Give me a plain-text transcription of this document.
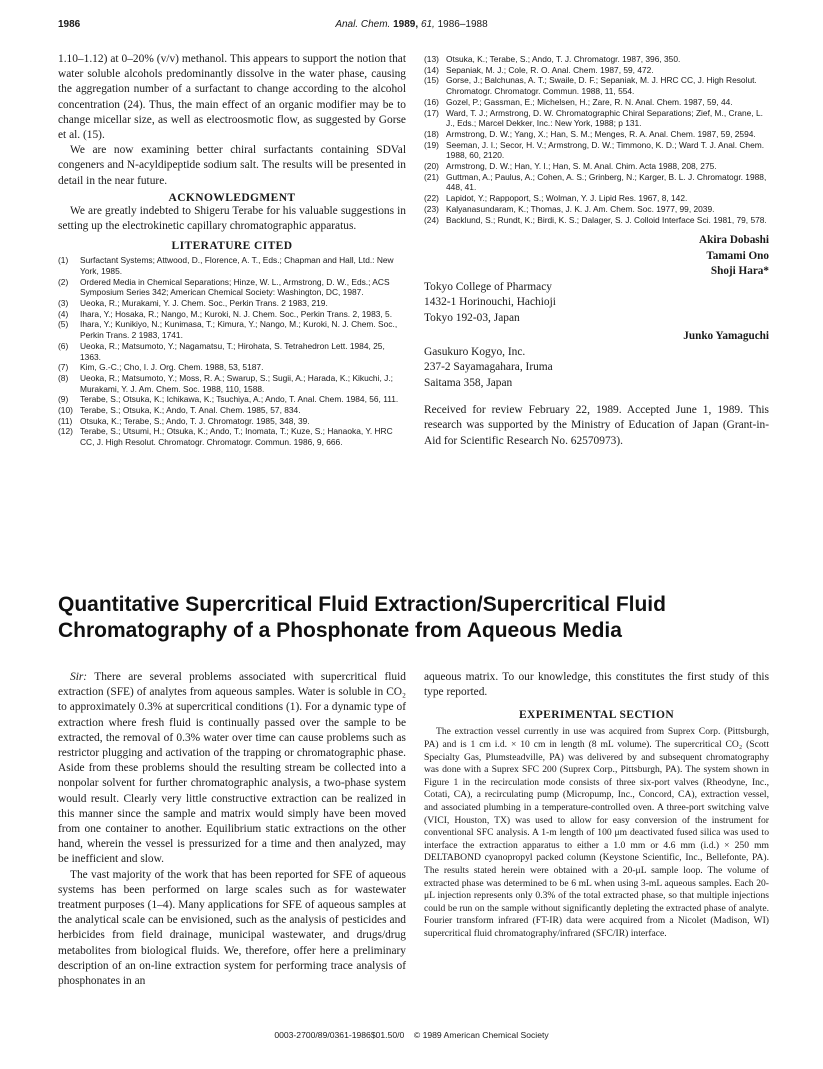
1986	Anal. Chem. 1989, 61, 1986–1988

1.10–1.12) at 0–20% (v/v) methanol. This appears to support the notion that water soluble alcohols predominantly dissolve in the water phase, causing the aggregation number of a surfactant to change according to the alcohol concentration (24). Thus, the main effect of an organic modifier may be to change micellar size, as well as electroosmotic flow, as suggested by Gorse et al. (15).

We are now examining better chiral surfactants containing SDVal congeners and N-acyldipeptide sodium salt. The results will be presented in detail in the near future.

ACKNOWLEDGMENT

We are greatly indebted to Shigeru Terabe for his valuable suggestions in setting up the electrokinetic capillary chromatographic apparatus.

LITERATURE CITED

(1)	Surfactant Systems; Attwood, D., Florence, A. T., Eds.; Chapman and Hall, Ltd.: New York, 1985.
(2)	Ordered Media in Chemical Separations; Hinze, W. L., Armstrong, D. W., Eds.; ACS Symposium Series 342; American Chemical Society: Washington, DC, 1987.
(3)	Ueoka, R.; Murakami, Y. J. Chem. Soc., Perkin Trans. 2 1983, 219.
(4)	Ihara, Y.; Hosaka, R.; Nango, M.; Kuroki, N. J. Chem. Soc., Perkin Trans. 2, 1983, 5.
(5)	Ihara, Y.; Kunikiyo, N.; Kunimasa, T.; Kimura, Y.; Nango, M.; Kuroki, N. J. Chem. Soc., Perkin Trans. 2 1983, 1741.
(6)	Ueoka, R.; Matsumoto, Y.; Nagamatsu, T.; Hirohata, S. Tetrahedron Lett. 1984, 25, 1363.
(7)	Kim, G.-C.; Cho, I. J. Org. Chem. 1988, 53, 5187.
(8)	Ueoka, R.; Matsumoto, Y.; Moss, R. A.; Swarup, S.; Sugii, A.; Harada, K.; Kikuchi, J.; Murakami, Y. J. Am. Chem. Soc. 1988, 110, 1588.
(9)	Terabe, S.; Otsuka, K.; Ichikawa, K.; Tsuchiya, A.; Ando, T. Anal. Chem. 1984, 56, 111.
(10) Terabe, S.; Otsuka, K.; Ando, T. Anal. Chem. 1985, 57, 834.
(11) Otsuka, K.; Terabe, S.; Ando, T. J. Chromatogr. 1985, 348, 39.
(12) Terabe, S.; Utsumi, H.; Otsuka, K.; Ando, T.; Inomata, T.; Kuze, S.; Hanaoka, Y. HRC CC, J. High Resolut. Chromatogr. Chromatogr. Commun. 1986, 9, 666.
(13) Otsuka, K.; Terabe, S.; Ando, T. J. Chromatogr. 1987, 396, 350.
(14) Sepaniak, M. J.; Cole, R. O. Anal. Chem. 1987, 59, 472.
(15) Gorse, J.; Balchunas, A. T.; Swaile, D. F.; Sepaniak, M. J. HRC CC, J. High Resolut. Chromatogr. Chromatogr. Commun. 1988, 11, 554.
(16) Gozel, P.; Gassman, E.; Michelsen, H.; Zare, R. N. Anal. Chem. 1987, 59, 44.
(17) Ward, T. J.; Armstrong, D. W. Chromatographic Chiral Separations; Zief, M., Crane, L. J., Eds.; Marcel Dekker, Inc.: New York, 1988; p 131.
(18) Armstrong, D. W.; Yang, X.; Han, S. M.; Menges, R. A. Anal. Chem. 1987, 59, 2594.
(19) Seeman, J. I.; Secor, H. V.; Armstrong, D. W.; Timmono, K. D.; Ward T. J. Anal. Chem. 1988, 60, 2120.
(20) Armstrong, D. W.; Han, Y. I.; Han, S. M. Anal. Chim. Acta 1988, 208, 275.
(21) Guttman, A.; Paulus, A.; Cohen, A. S.; Grinberg, N.; Karger, B. L. J. Chromatogr. 1988, 448, 41.
(22) Lapidot, Y.; Rappoport, S.; Wolman, Y. J. Lipid Res. 1967, 8, 142.
(23) Kalyanasundaram, K.; Thomas, J. K. J. Am. Chem. Soc. 1977, 99, 2039.
(24) Backlund, S.; Rundt, K.; Birdi, K. S.; Dalager, S. J. Colloid Interface Sci. 1981, 79, 578.
Akira Dobashi
Tamami Ono
Shoji Hara*
Tokyo College of Pharmacy
1432-1 Horinouchi, Hachioji
Tokyo 192-03, Japan
Junko Yamaguchi
Gasukuro Kogyo, Inc.
237-2 Sayamagahara, Iruma
Saitama 358, Japan

Received for review February 22, 1989. Accepted June 1, 1989. This research was supported by the Ministry of Education of Japan (Grant-in-Aid for Scientific Research No. 62570973).

Quantitative Supercritical Fluid Extraction/Supercritical Fluid
Chromatography of a Phosphonate from Aqueous Media

Sir: There are several problems associated with supercritical fluid extraction (SFE) of analytes from aqueous samples. Water is soluble in CO₂ to approximately 0.3% at supercritical conditions (1). For a dynamic type of extraction where fresh fluid is continually passed over the sample to be extracted, the removal of 0.3% water over time can cause problems such as restrictor plugging and activation of the trapping or chromatographic phase. Aside from these problems should the resulting stream be collected into a nonpolar solvent for further chromatographic analysis, a two-phase system would result. Clearly very little constructive extraction can be realized in this manner since the sample and matrix would simply have been moved from one container to another. Equilibrium static extractions on the other hand, wherein the vessel is pressurized for a time and then analyzed, may be inefficient and slow.

The vast majority of the work that has been reported for SFE of aqueous systems has been performed on large scales such as for wastewater treatment purposes (1–4). Many applications for SFE of aqueous samples at the analytical scale can be envisioned, such as the analysis of pesticides and herbicides from field drainage, municipal wastewater, and drugs/drug metabolites from biological fluids. We, therefore, offer here a preliminary description of an on-line extraction system for performing trace analysis of phosphonates in an

aqueous matrix. To our knowledge, this constitutes the first study of this type reported.

EXPERIMENTAL SECTION

The extraction vessel currently in use was acquired from Suprex Corp. (Pittsburgh, PA) and is 1 cm i.d. × 10 cm in length (8 mL volume). The supercritical CO₂ (Scott Specialty Gas, Plumsteadville, PA) was delivered by and subsequent chromatography was done with a Suprex SFC 200 (Suprex Corp., Pittsburgh, PA). The system shown in Figure 1 in the recirculation mode consists of three six-port valves (Rheodyne, Inc., Cotati, CA), a recirculating pump (Micropump, Inc., Concord, CA), extraction vessel, and associated plumbing in a temperature-controlled oven. A three-port switching valve (VICI, Houston, TX) was used to allow for easy conversion of the instrument for conventional SFC analysis. A 1-m length of 100 μm deactivated fused silica was used to interface the extraction apparatus to either a 1.0 mm or 4.6 mm (i.d.) × 250 mm DELTABOND cyanopropyl packed column (Keystone Scientific, Inc., Bellefonte, PA). The results stated herein were obtained with a 20-μL sample loop. The volume of extracted phase was determined to be 6 mL when using 3-mL aqueous samples. Each 20-μL injection represents only 0.3% of the total extracted phase, so that multiple injections could be run on the sample without significantly depleting the extracted phase of analyte. Fourier transform infrared (FT-IR) data were acquired from a Nicolet (Madison, WI) supercritical fluid chromatography/infrared (SFC/IR) interface.

0003-2700/89/0361-1986$01.50/0 © 1989 American Chemical Society
